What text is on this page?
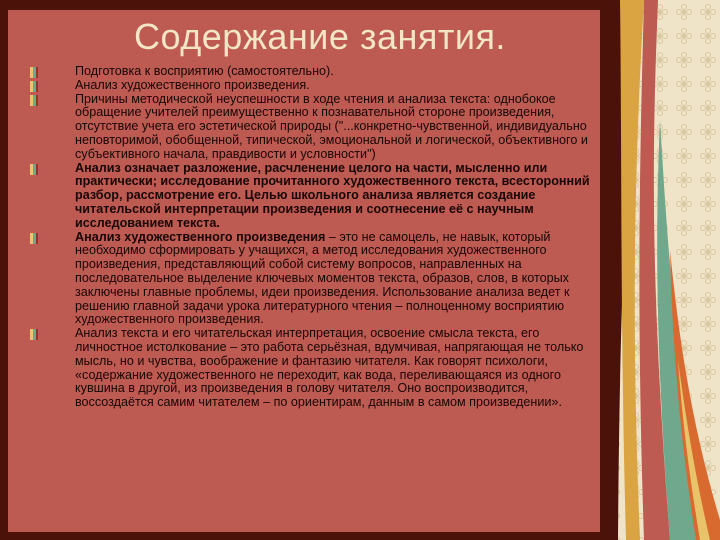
Содержание занятия.
Подготовка к восприятию (самостоятельно).
Анализ художественного произведения.
Причины методической неуспешности в ходе чтения и анализа текста: однобокое обращение учителей преимущественно к познавательной стороне произведения, отсутствие учета его эстетической природы ("...конкретно-чувственной, индивидуально неповторимой, обобщенной, типической, эмоциональной и логической, объективного и субъективного начала, правдивости и условности")
Анализ означает разложение, расчленение целого на части, мысленно или практически; исследование прочитанного художественного текста, всесторонний разбор, рассмотрение его. Целью школьного анализа является создание читательской интерпретации произведения и соотнесение её с научным исследованием текста.
Анализ художественного произведения – это не самоцель, не навык, который необходимо сформировать у учащихся, а метод исследования художественного произведения, представляющий собой систему вопросов, направленных на последовательное выделение ключевых моментов текста, образов, слов, в которых заключены главные проблемы, идеи произведения. Использование анализа ведет к решению главной задачи урока литературного чтения – полноценному восприятию художественного произведения.
Анализ текста и его читательская интерпретация, освоение смысла текста, его личностное истолкование – это работа серьёзная, вдумчивая, напрягающая не только мысль, но и чувства, воображение и фантазию читателя. Как говорят психологи, «содержание художественного не переходит, как вода, переливающаяся из одного кувшина в другой, из произведения в голову читателя. Оно воспроизводится, воссоздаётся самим читателем – по ориентирам, данным в самом произведении».
